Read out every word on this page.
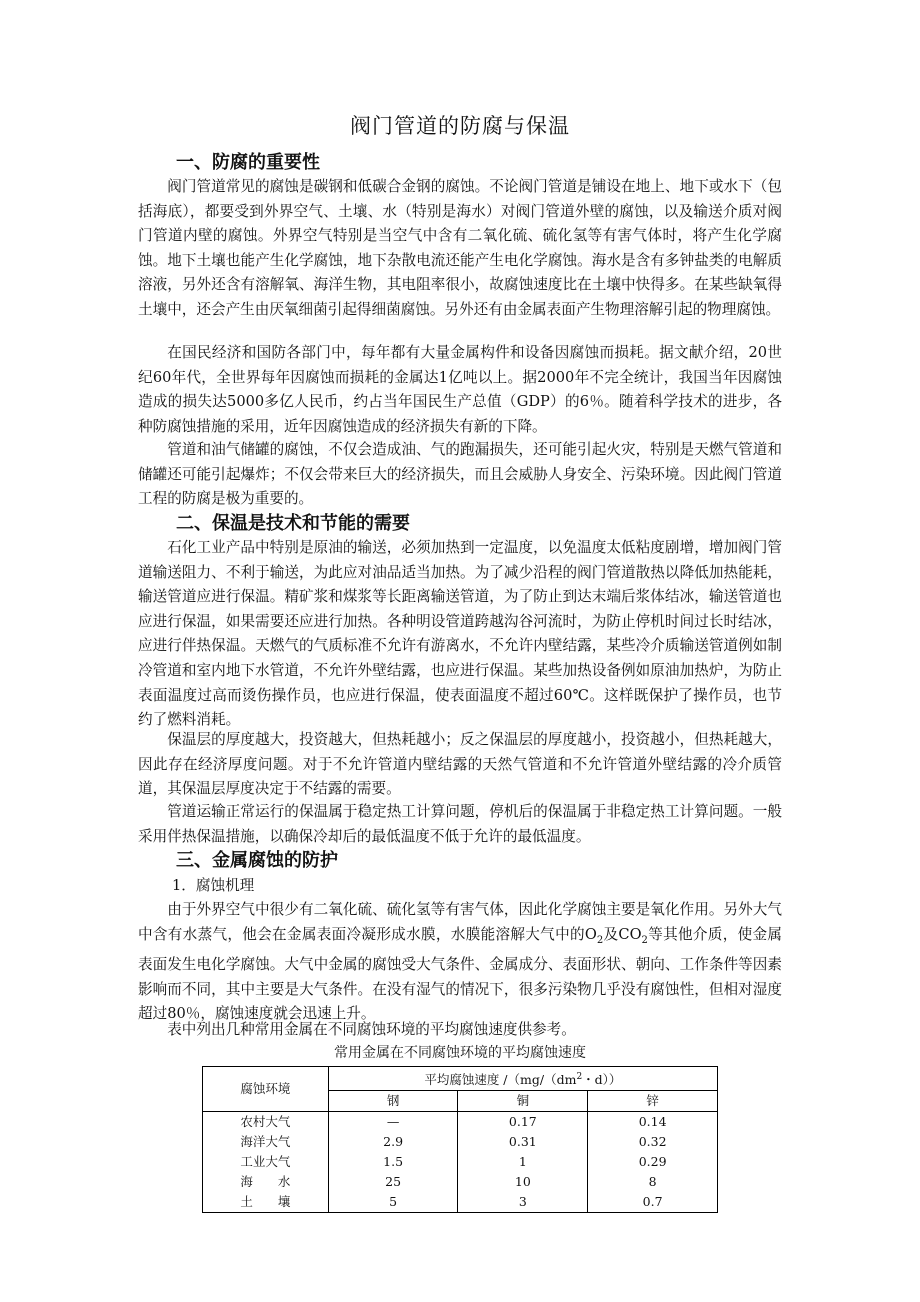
阀门管道的防腐与保温
一、防腐的重要性

阀门管道常见的腐蚀是碳钢和低碳合金钢的腐蚀。不论阀门管道是铺设在地上、地下或水下（包括海底），都要受到外界空气、土壤、水（特别是海水）对阀门管道外壁的腐蚀，以及输送介质对阀门管道内壁的腐蚀。外界空气特别是当空气中含有二氧化硫、硫化氢等有害气体时，将产生化学腐蚀。地下土壤也能产生化学腐蚀，地下杂散电流还能产生电化学腐蚀。海水是含有多钟盐类的电解质溶液，另外还含有溶解氧、海洋生物，其电阻率很小，故腐蚀速度比在土壤中快得多。在某些缺氧得土壤中，还会产生由厌氧细菌引起得细菌腐蚀。另外还有由金属表面产生物理溶解引起的物理腐蚀。

在国民经济和国防各部门中，每年都有大量金属构件和设备因腐蚀而损耗。据文献介绍，20世纪60年代，全世界每年因腐蚀而损耗的金属达1亿吨以上。据2000年不完全统计，我国当年因腐蚀造成的损失达5000多亿人民币，约占当年国民生产总值（GDP）的6％。随着科学技术的进步，各种防腐蚀措施的采用，近年因腐蚀造成的经济损失有新的下降。

管道和油气储罐的腐蚀，不仅会造成油、气的跑漏损失，还可能引起火灾，特别是天燃气管道和储罐还可能引起爆炸；不仅会带来巨大的经济损失，而且会威胁人身安全、污染环境。因此阀门管道工程的防腐是极为重要的。

二、保温是技术和节能的需要

石化工业产品中特别是原油的输送，必须加热到一定温度，以免温度太低粘度剧增，增加阀门管道输送阻力、不利于输送，为此应对油品适当加热。为了减少沿程的阀门管道散热以降低加热能耗，输送管道应进行保温。精矿浆和煤浆等长距离输送管道，为了防止到达末端后浆体结冰，输送管道也应进行保温，如果需要还应进行加热。各种明设管道跨越沟谷河流时，为防止停机时间过长时结冰，应进行伴热保温。天燃气的气质标准不允许有游离水，不允许内壁结露，某些冷介质输送管道例如制冷管道和室内地下水管道，不允许外壁结露，也应进行保温。某些加热设备例如原油加热炉，为防止表面温度过高而烫伤操作员，也应进行保温，使表面温度不超过60℃。这样既保护了操作员，也节约了燃料消耗。

保温层的厚度越大，投资越大，但热耗越小；反之保温层的厚度越小，投资越小，但热耗越大，因此存在经济厚度问题。对于不允许管道内壁结露的天然气管道和不允许管道外壁结露的冷介质管道，其保温层厚度决定于不结露的需要。

管道运输正常运行的保温属于稳定热工计算问题，停机后的保温属于非稳定热工计算问题。一般采用伴热保温措施，以确保冷却后的最低温度不低于允许的最低温度。

三、金属腐蚀的防护
1．腐蚀机理

由于外界空气中很少有二氧化硫、硫化氢等有害气体，因此化学腐蚀主要是氧化作用。另外大气中含有水蒸气，他会在金属表面冷凝形成水膜，水膜能溶解大气中的$O_2$及$CO_2$等其他介质，使金属表面发生电化学腐蚀。大气中金属的腐蚀受大气条件、金属成分、表面形状、朝向、工作条件等因素影响而不同，其中主要是大气条件。在没有湿气的情况下，很多污染物几乎没有腐蚀性，但相对湿度超过80％，腐蚀速度就会迅速上升。

表中列出几种常用金属在不同腐蚀环境的平均腐蚀速度供参考。

常用金属在不同腐蚀环境的平均腐蚀速度
腐蚀环境	平均腐蚀速度 $/(mg/(dm^2$・d））		
	钢	铜	锌
农村大气	—	0.17	0.14
海洋大气	2.9	0.31	0.32
工业大气	1.5	1	0.29
海　　水	25	10	8
土　　壤	5	3	0.7
